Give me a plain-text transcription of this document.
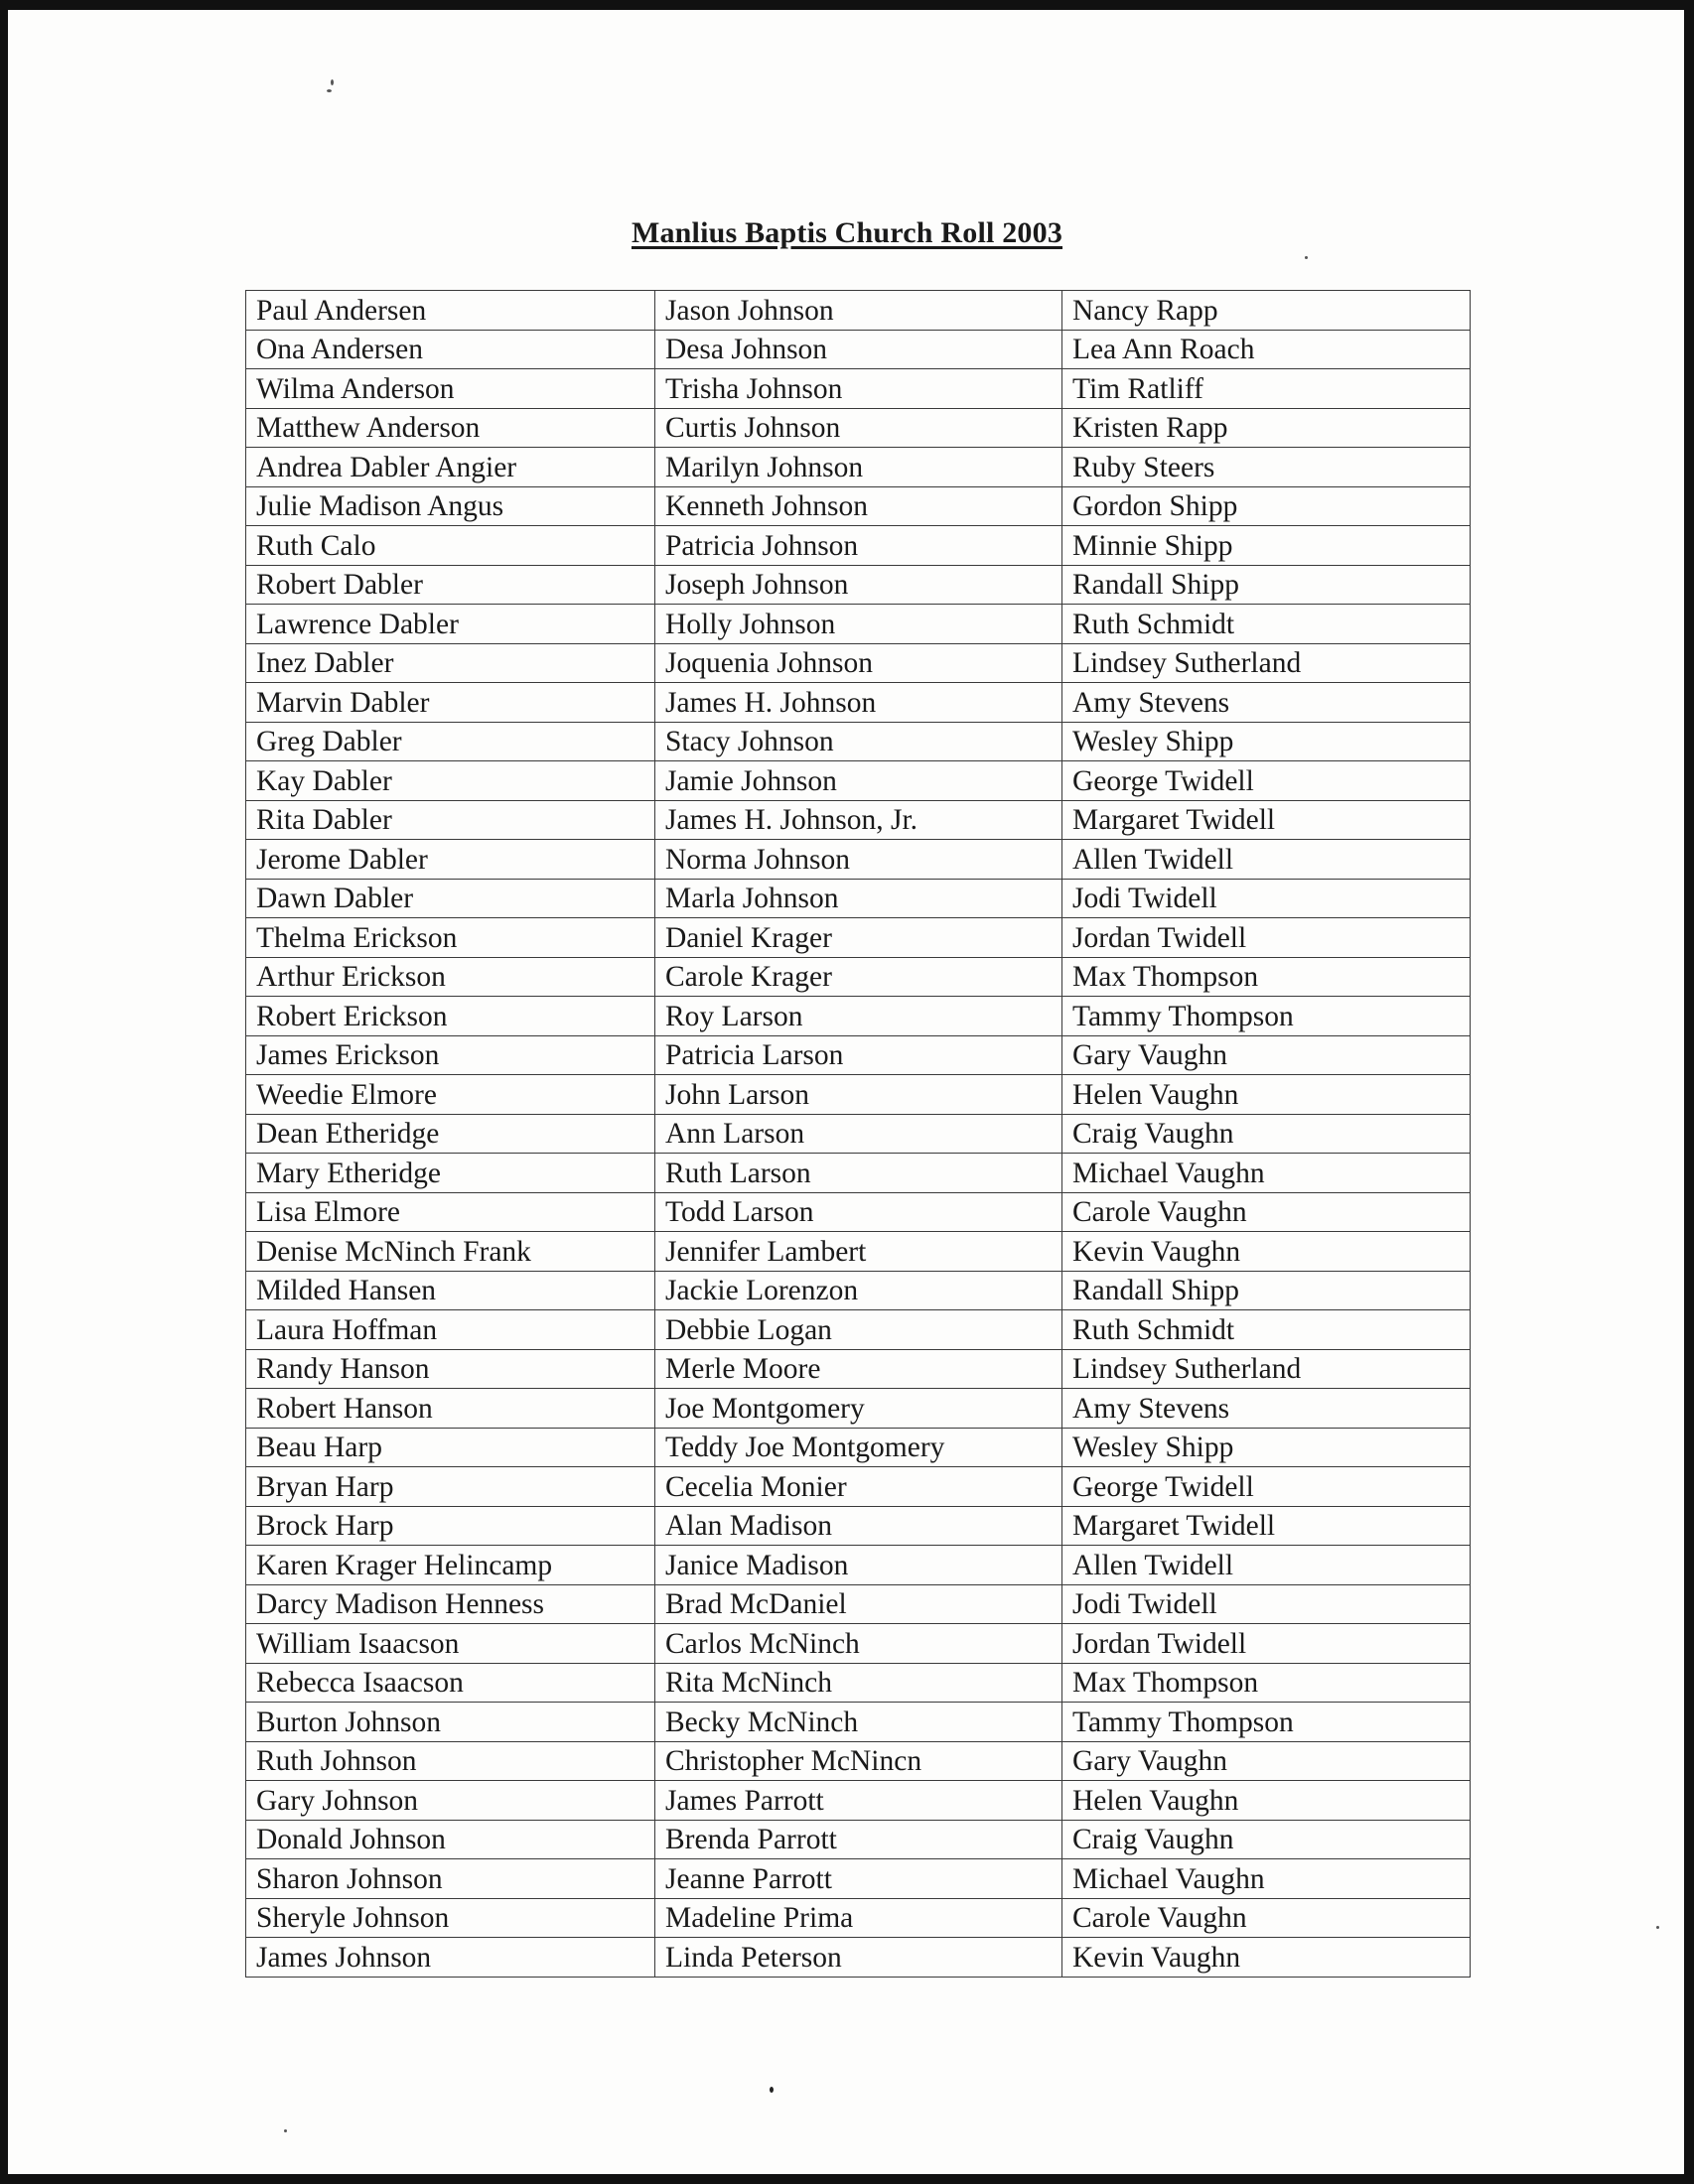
Manlius Baptis Church Roll 2003
Paul Andersen	Jason Johnson	Nancy Rapp
Ona Andersen	Desa Johnson	Lea Ann Roach
Wilma Anderson	Trisha Johnson	Tim Ratliff
Matthew Anderson	Curtis Johnson	Kristen Rapp
Andrea Dabler Angier	Marilyn Johnson	Ruby Steers
Julie Madison Angus	Kenneth Johnson	Gordon Shipp
Ruth Calo	Patricia Johnson	Minnie Shipp
Robert Dabler	Joseph Johnson	Randall Shipp
Lawrence Dabler	Holly Johnson	Ruth Schmidt
Inez Dabler	Joquenia Johnson	Lindsey Sutherland
Marvin Dabler	James H. Johnson	Amy Stevens
Greg Dabler	Stacy Johnson	Wesley Shipp
Kay Dabler	Jamie Johnson	George Twidell
Rita Dabler	James H. Johnson, Jr.	Margaret Twidell
Jerome Dabler	Norma Johnson	Allen Twidell
Dawn Dabler	Marla Johnson	Jodi Twidell
Thelma Erickson	Daniel Krager	Jordan Twidell
Arthur Erickson	Carole Krager	Max Thompson
Robert Erickson	Roy Larson	Tammy Thompson
James Erickson	Patricia Larson	Gary Vaughn
Weedie Elmore	John Larson	Helen Vaughn
Dean Etheridge	Ann Larson	Craig Vaughn
Mary Etheridge	Ruth Larson	Michael Vaughn
Lisa Elmore	Todd Larson	Carole Vaughn
Denise McNinch Frank	Jennifer Lambert	Kevin Vaughn
Milded Hansen	Jackie Lorenzon	Randall Shipp
Laura Hoffman	Debbie Logan	Ruth Schmidt
Randy Hanson	Merle Moore	Lindsey Sutherland
Robert Hanson	Joe Montgomery	Amy Stevens
Beau Harp	Teddy Joe Montgomery	Wesley Shipp
Bryan Harp	Cecelia Monier	George Twidell
Brock Harp	Alan Madison	Margaret Twidell
Karen Krager Helincamp	Janice Madison	Allen Twidell
Darcy Madison Henness	Brad McDaniel	Jodi Twidell
William Isaacson	Carlos McNinch	Jordan Twidell
Rebecca Isaacson	Rita McNinch	Max Thompson
Burton Johnson	Becky McNinch	Tammy Thompson
Ruth Johnson	Christopher McNincn	Gary Vaughn
Gary Johnson	James Parrott	Helen Vaughn
Donald Johnson	Brenda Parrott	Craig Vaughn
Sharon Johnson	Jeanne Parrott	Michael Vaughn
Sheryle Johnson	Madeline Prima	Carole Vaughn
James Johnson	Linda Peterson	Kevin Vaughn
